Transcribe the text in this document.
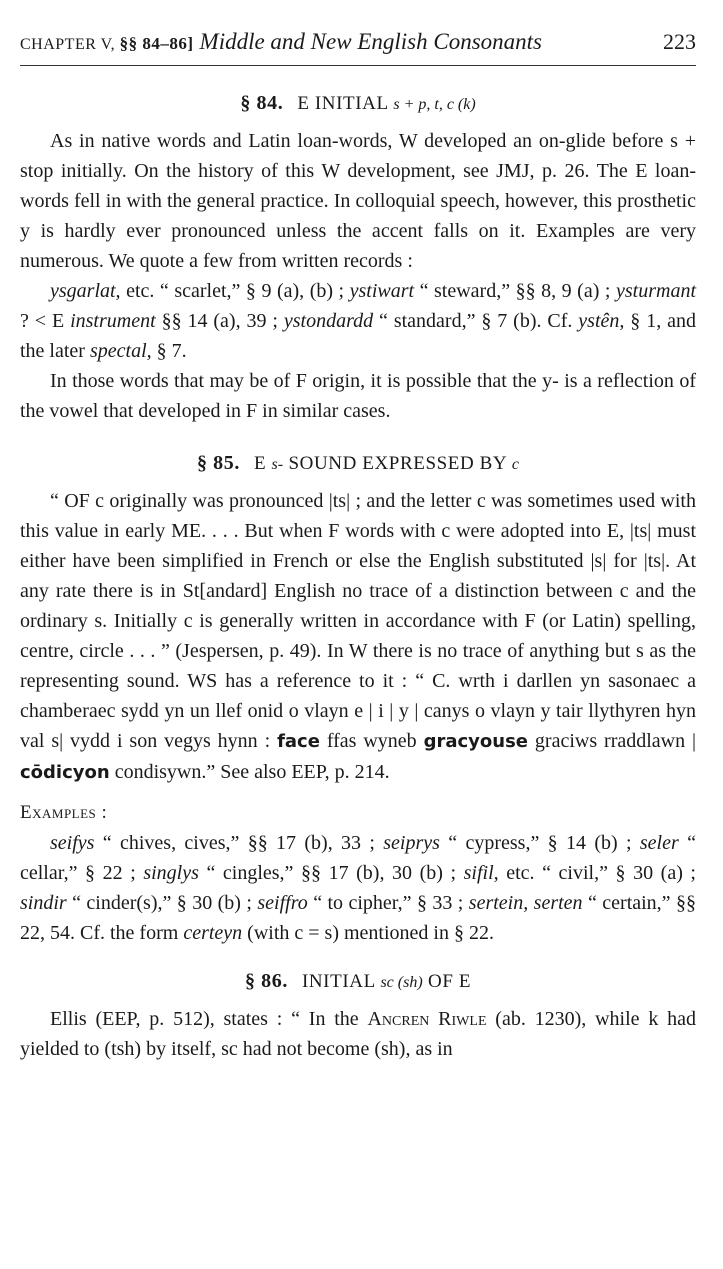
CHAPTER V, §§ 84–86] Middle and New English Consonants	223
§ 84. E INITIAL s + p, t, c (k)

As in native words and Latin loan-words, W developed an on-glide before s + stop initially. On the history of this W development, see JMJ, p. 26. The E loan-words fell in with the general practice. In colloquial speech, however, this prosthetic y is hardly ever pronounced unless the accent falls on it. Examples are very numerous. We quote a few from written records :

ysgarlat, etc. “ scarlet,” § 9 (a), (b) ; ystiwart “ steward,” §§ 8, 9 (a) ; ysturmant ? < E instrument §§ 14 (a), 39 ; ystondardd “ standard,” § 7 (b). Cf. ystên, § 1, and the later spectal, § 7.

In those words that may be of F origin, it is possible that the y- is a reflection of the vowel that developed in F in similar cases.

§ 85. E s- SOUND EXPRESSED BY c

“ OF c originally was pronounced |ts| ; and the letter c was sometimes used with this value in early ME. . . . But when F words with c were adopted into E, |ts| must either have been simplified in French or else the English substituted |s| for |ts|. At any rate there is in St[andard] English no trace of a distinction between c and the ordinary s. Initially c is generally written in accordance with F (or Latin) spelling, centre, circle . . . ” (Jespersen, p. 49). In W there is no trace of anything but s as the representing sound. WS has a reference to it : “ C. wrth i darllen yn sasonaec a chamberaec sydd yn un llef onid o vlayn e | i | y | canys o vlayn y tair llythyren hyn val s| vydd i son vegys hynn : face ffas wyneb gracyouse graciws rraddlawn | cōdicyon condisywn.” See also EEP, p. 214.

Examples :

seifys “ chives, cives,” §§ 17 (b), 33 ; seiprys “ cypress,” § 14 (b) ; seler “ cellar,” § 22 ; singlys “ cingles,” §§ 17 (b), 30 (b) ; sifil, etc. “ civil,” § 30 (a) ; sindir “ cinder(s),” § 30 (b) ; seiffro “ to cipher,” § 33 ; sertein, serten “ certain,” §§ 22, 54. Cf. the form certeyn (with c = s) mentioned in § 22.

§ 86. INITIAL sc (sh) OF E

Ellis (EEP, p. 512), states : “ In the Ancren Riwle (ab. 1230), while k had yielded to (tsh) by itself, sc had not become (sh), as in
